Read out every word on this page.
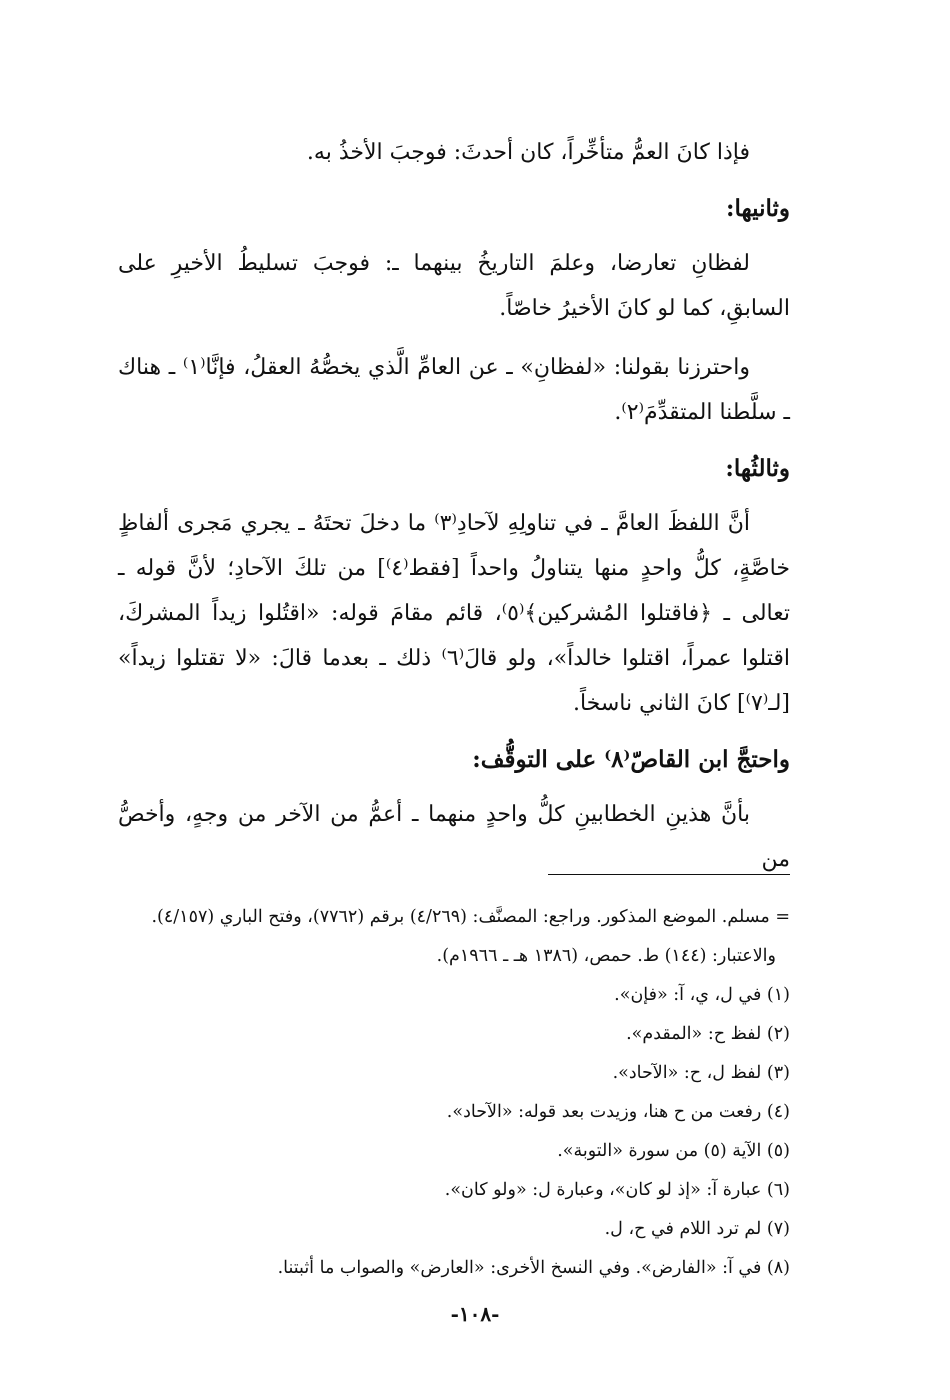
فإذا كانَ العمُّ متأخِّراً، كان أحدثَ: فوجبَ الأخذُ به.

وثانيها:

لفظانِ تعارضا، وعلمَ التاريخُ بينهما ـ: فوجبَ تسليطُ الأخيرِ على السابقِ، كما لو كانَ الأخيرُ خاصّاً.

واحترزنا بقولنا: «لفظانِ» ـ عن العامِّ الَّذي يخصُّهُ العقلُ، فإنَّا⁽١⁾ ـ هناك ـ سلَّطنا المتقدِّمَ⁽٢⁾.

وثالثُها:

أنَّ اللفظَ العامَّ ـ في تناولِهِ لآحادِ⁽٣⁾ ما دخلَ تحتَهُ ـ يجري مَجرى ألفاظٍ خاصَّةٍ، كلُّ واحدٍ منها يتناولُ واحداً [فقط⁽٤⁾] من تلكَ الآحادِ؛ لأنَّ قوله ـ تعالى ـ ﴿فاقتلوا المُشركين﴾⁽٥⁾، قائم مقامَ قوله: «اقتُلوا زيداً المشركَ، اقتلوا عمراً، اقتلوا خالداً»، ولو قالَ⁽٦⁾ ذلك ـ بعدما قالَ: «لا تقتلوا زيداً» [لـ⁽٧⁾] كانَ الثاني ناسخاً.

واحتجَّ ابن القاصّ⁽٨⁾ على التوقُّف:

بأنَّ هذينِ الخطابينِ كلُّ واحدٍ منهما ـ أعمُّ من الآخر من وجهٍ، وأخصُّ من

= مسلم. الموضع المذكور. وراجع: المصنَّف: (٤/٢٦٩) برقم (٧٧٦٢)، وفتح الباري (٤/١٥٧). والاعتبار: (١٤٤) ط. حمص، (١٣٨٦ هـ ـ ١٩٦٦م).
(١) في ل، ي، آ: «فإن».
(٢) لفظ ح: «المقدم».
(٣) لفظ ل، ح: «الآحاد».
(٤) رفعت من ح هنا، وزيدت بعد قوله: «الآحاد».
(٥) الآية (٥) من سورة «التوبة».
(٦) عبارة آ: «إذ لو كان»، وعبارة ل: «ولو كان».
(٧) لم ترد اللام في ح، ل.
(٨) في آ: «الفارض». وفي النسخ الأخرى: «العارض» والصواب ما أثبتنا.
-١٠٨-
